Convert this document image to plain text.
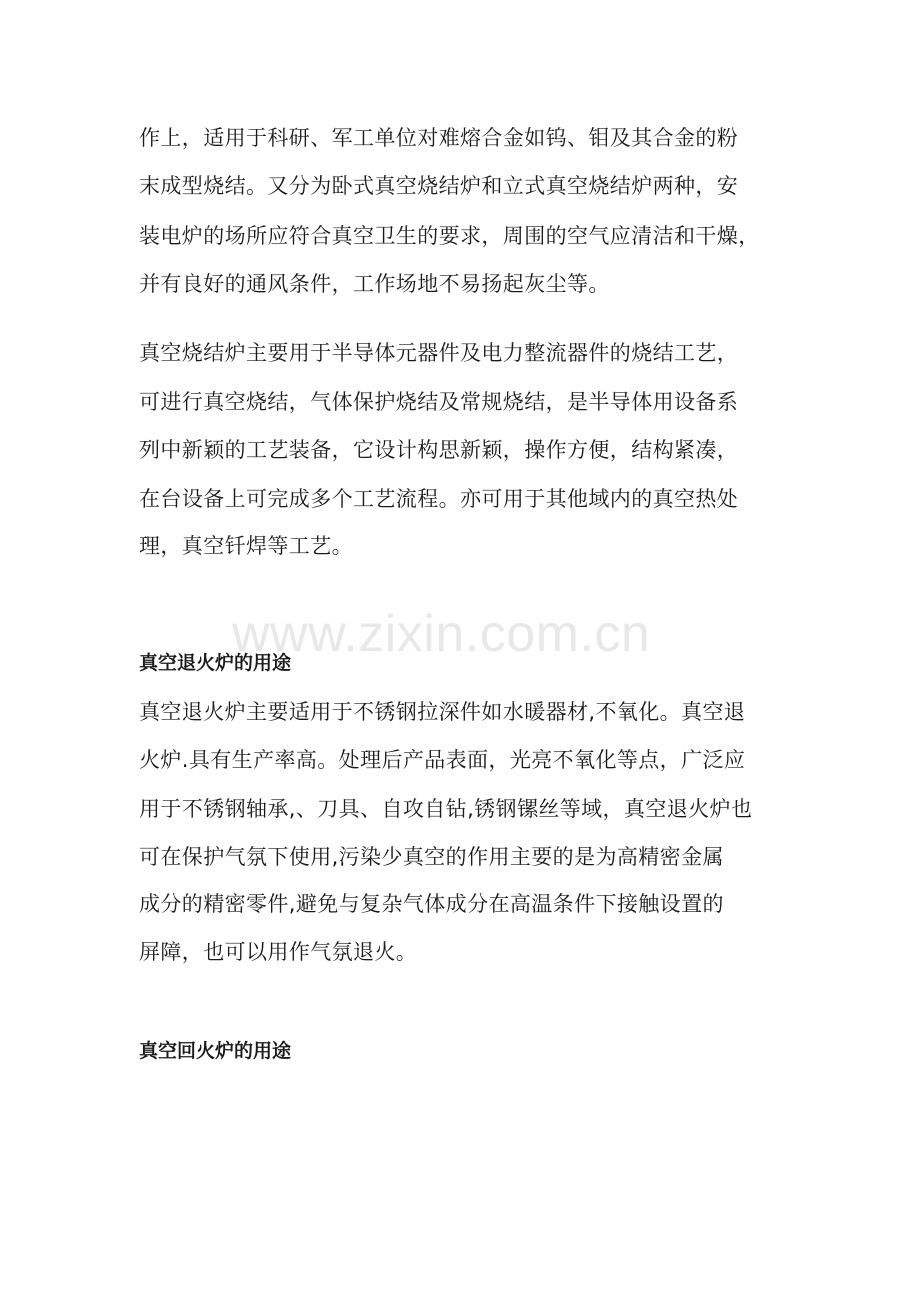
作上，适用于科研、军工单位对难熔合金如钨、钼及其合金的粉
末成型烧结。又分为卧式真空烧结炉和立式真空烧结炉两种，安
装电炉的场所应符合真空卫生的要求，周围的空气应清洁和干燥，
并有良好的通风条件，工作场地不易扬起灰尘等。
真空烧结炉主要用于半导体元器件及电力整流器件的烧结工艺，
可进行真空烧结，气体保护烧结及常规烧结，是半导体用设备系
列中新颖的工艺装备，它设计构思新颖，操作方便，结构紧凑，
在台设备上可完成多个工艺流程。亦可用于其他域内的真空热处
理，真空钎焊等工艺。
www.zixin.com.cn
真空退火炉的用途
真空退火炉主要适用于不锈钢拉深件如水暖器材,不氧化。真空退
火炉.具有生产率高。处理后产品表面，光亮不氧化等点，广泛应
用于不锈钢轴承,、刀具、自攻自钻,锈钢镙丝等域，真空退火炉也
可在保护气氛下使用,污染少真空的作用主要的是为高精密金属
成分的精密零件,避免与复杂气体成分在高温条件下接触设置的
屏障，也可以用作气氛退火。
真空回火炉的用途
